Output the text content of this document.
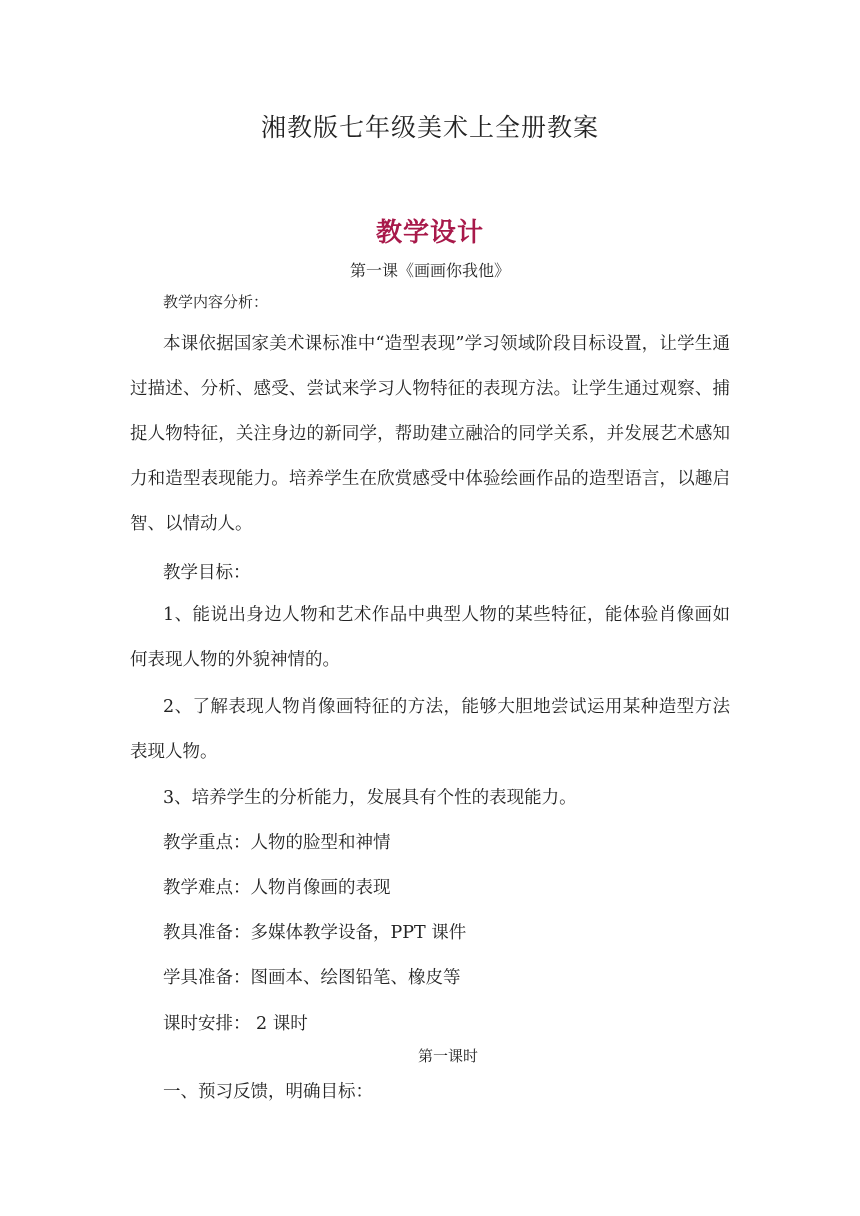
湘教版七年级美术上全册教案
教学设计
第一课《画画你我他》
教学内容分析：
本课依据国家美术课标准中“造型表现”学习领域阶段目标设置，让学生通过描述、分析、感受、尝试来学习人物特征的表现方法。让学生通过观察、捕捉人物特征，关注身边的新同学，帮助建立融洽的同学关系，并发展艺术感知力和造型表现能力。培养学生在欣赏感受中体验绘画作品的造型语言，以趣启智、以情动人。
教学目标：
1、能说出身边人物和艺术作品中典型人物的某些特征，能体验肖像画如何表现人物的外貌神情的。
2、了解表现人物肖像画特征的方法，能够大胆地尝试运用某种造型方法表现人物。
3、培养学生的分析能力，发展具有个性的表现能力。
教学重点：人物的脸型和神情
教学难点：人物肖像画的表现
教具准备：多媒体教学设备，PPT 课件
学具准备：图画本、绘图铅笔、橡皮等
课时安排： 2 课时
第一课时
一、预习反馈，明确目标：
